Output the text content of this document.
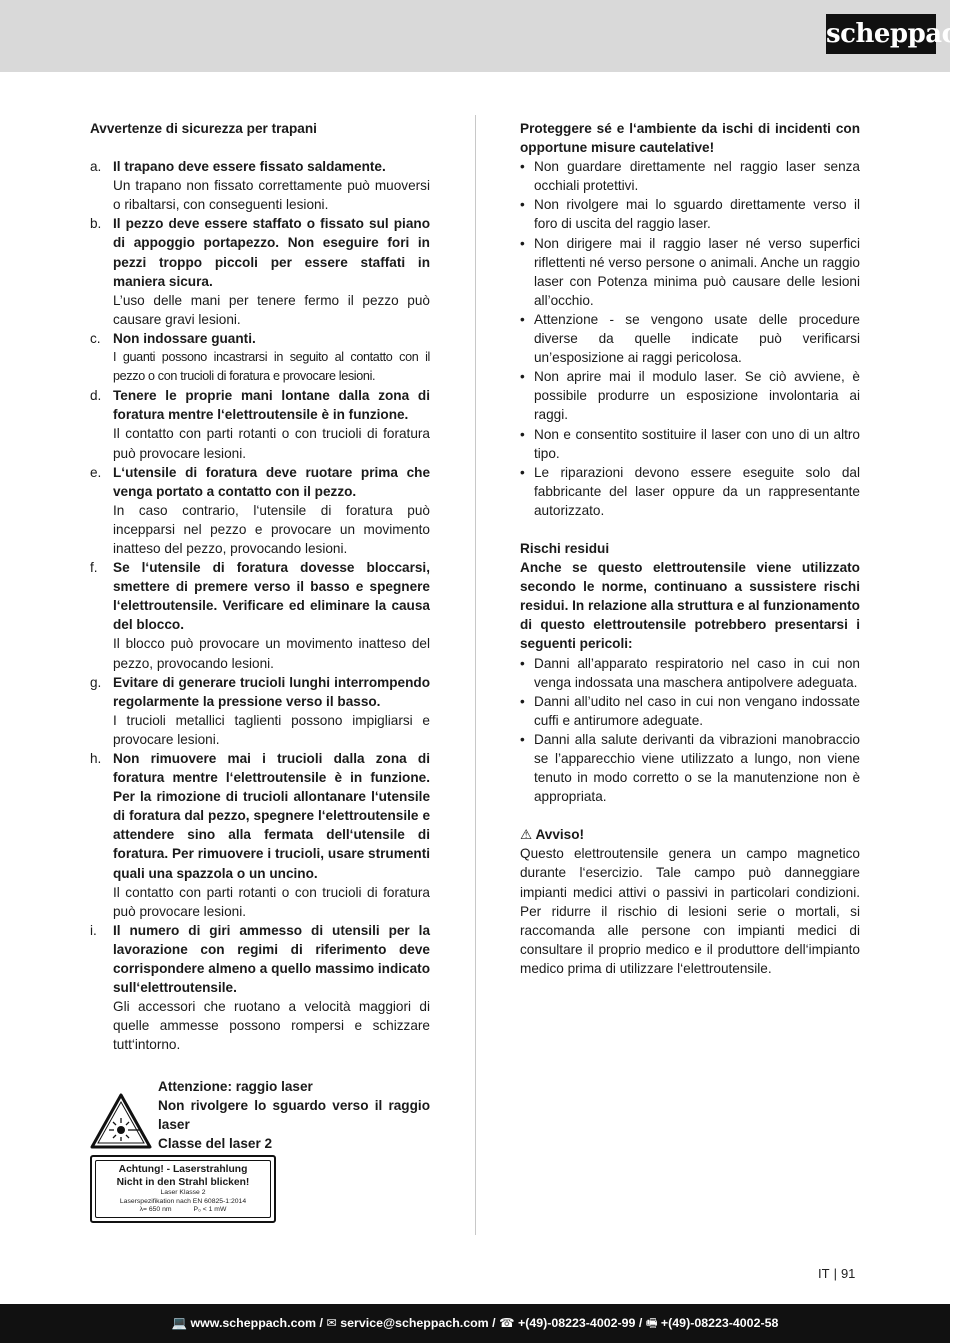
scheppach

Avvertenze di sicurezza per trapani

a. Il trapano deve essere fissato saldamente.

Un trapano non fissato correttamente può muoversi o ribaltarsi, con conseguenti lesioni.

b. Il pezzo deve essere staffato o fissato sul piano di appoggio portapezzo. Non eseguire fori in pezzi troppo piccoli per essere staffati in maniera sicura.

L’uso delle mani per tenere fermo il pezzo può causare gravi lesioni.

c. Non indossare guanti.

I guanti possono incastrarsi in seguito al contatto con il pezzo o con trucioli di foratura e provocare lesioni.

d. Tenere le proprie mani lontane dalla zona di foratura mentre l‘elettroutensile è in funzione.

Il contatto con parti rotanti o con trucioli di foratura può provocare lesioni.

e. L‘utensile di foratura deve ruotare prima che venga portato a contatto con il pezzo.

In caso contrario, l‘utensile di foratura può incepparsi nel pezzo e provocare un movimento inatteso del pezzo, provocando lesioni.

f. Se l‘utensile di foratura dovesse bloccarsi, smettere di premere verso il basso e spegnere l‘elettroutensile. Verificare ed eliminare la causa del blocco.

Il blocco può provocare un movimento inatteso del pezzo, provocando lesioni.

g. Evitare di generare trucioli lunghi interrompendo regolarmente la pressione verso il basso.

I trucioli metallici taglienti possono impigliarsi e provocare lesioni.

h. Non rimuovere mai i trucioli dalla zona di foratura mentre l‘elettroutensile è in funzione. Per la rimozione di trucioli allontanare l‘utensile di foratura dal pezzo, spegnere l‘elettroutensile e attendere sino alla fermata dell‘utensile di foratura. Per rimuovere i trucioli, usare strumenti quali una spazzola o un uncino.

Il contatto con parti rotanti o con trucioli di foratura può provocare lesioni.

i. Il numero di giri ammesso di utensili per la lavorazione con regimi di riferimento deve corrispondere almeno a quello massimo indicato sull‘elettroutensile.

Gli accessori che ruotano a velocità maggiori di quelle ammesse possono rompersi e schizzare tutt‘intorno.

Attenzione: raggio laser

Non rivolgere lo sguardo verso il raggio laser

Classe del laser 2

Achtung! - Laserstrahlung
Nicht in den Strahl blicken!
Laser Klasse 2
Laserspezifikation nach EN 60825-1:2014
λ= 650 nm	P₀ < 1 mW

Proteggere sé e l‘ambiente da ischi di incidenti con opportune misure cautelative!

• Non guardare direttamente nel raggio laser senza occhiali protettivi.
• Non rivolgere mai lo sguardo direttamente verso il foro di uscita del raggio laser.
• Non dirigere mai il raggio laser né verso superfici riflettenti né verso persone o animali. Anche un raggio laser con Potenza minima può causare delle lesioni all’occhio.
• Attenzione - se vengono usate delle procedure diverse da quelle indicate può verificarsi un’esposizione ai raggi pericolosa.
• Non aprire mai il modulo laser. Se ciò avviene, è possibile produrre un esposizione involontaria ai raggi.
• Non e consentito sostituire il laser con uno di un altro tipo.
• Le riparazioni devono essere eseguite solo dal fabbricante del laser oppure da un rappresentante autorizzato.

Rischi residui

Anche se questo elettroutensile viene utilizzato secondo le norme, continuano a sussistere rischi residui. In relazione alla struttura e al funzionamento di questo elettroutensile potrebbero presentarsi i seguenti pericoli:

• Danni all’apparato respiratorio nel caso in cui non venga indossata una maschera antipolvere adeguata.
• Danni all’udito nel caso in cui non vengano indossate cuffi e antirumore adeguate.
• Danni alla salute derivanti da vibrazioni manobraccio se l’apparecchio viene utilizzato a lungo, non viene tenuto in modo corretto o se la manutenzione non è appropriata.

⚠ Avviso!

Questo elettroutensile genera un campo magnetico durante l‘esercizio. Tale campo può danneggiare impianti medici attivi o passivi in particolari condizioni. Per ridurre il rischio di lesioni serie o mortali, si raccomanda alle persone con impianti medici di consultare il proprio medico e il produttore dell‘impianto medico prima di utilizzare l‘elettroutensile.

IT | 91
💻 www.scheppach.com / ✉ service@scheppach.com / ☎ +(49)-08223-4002-99 / 🖷 +(49)-08223-4002-58
